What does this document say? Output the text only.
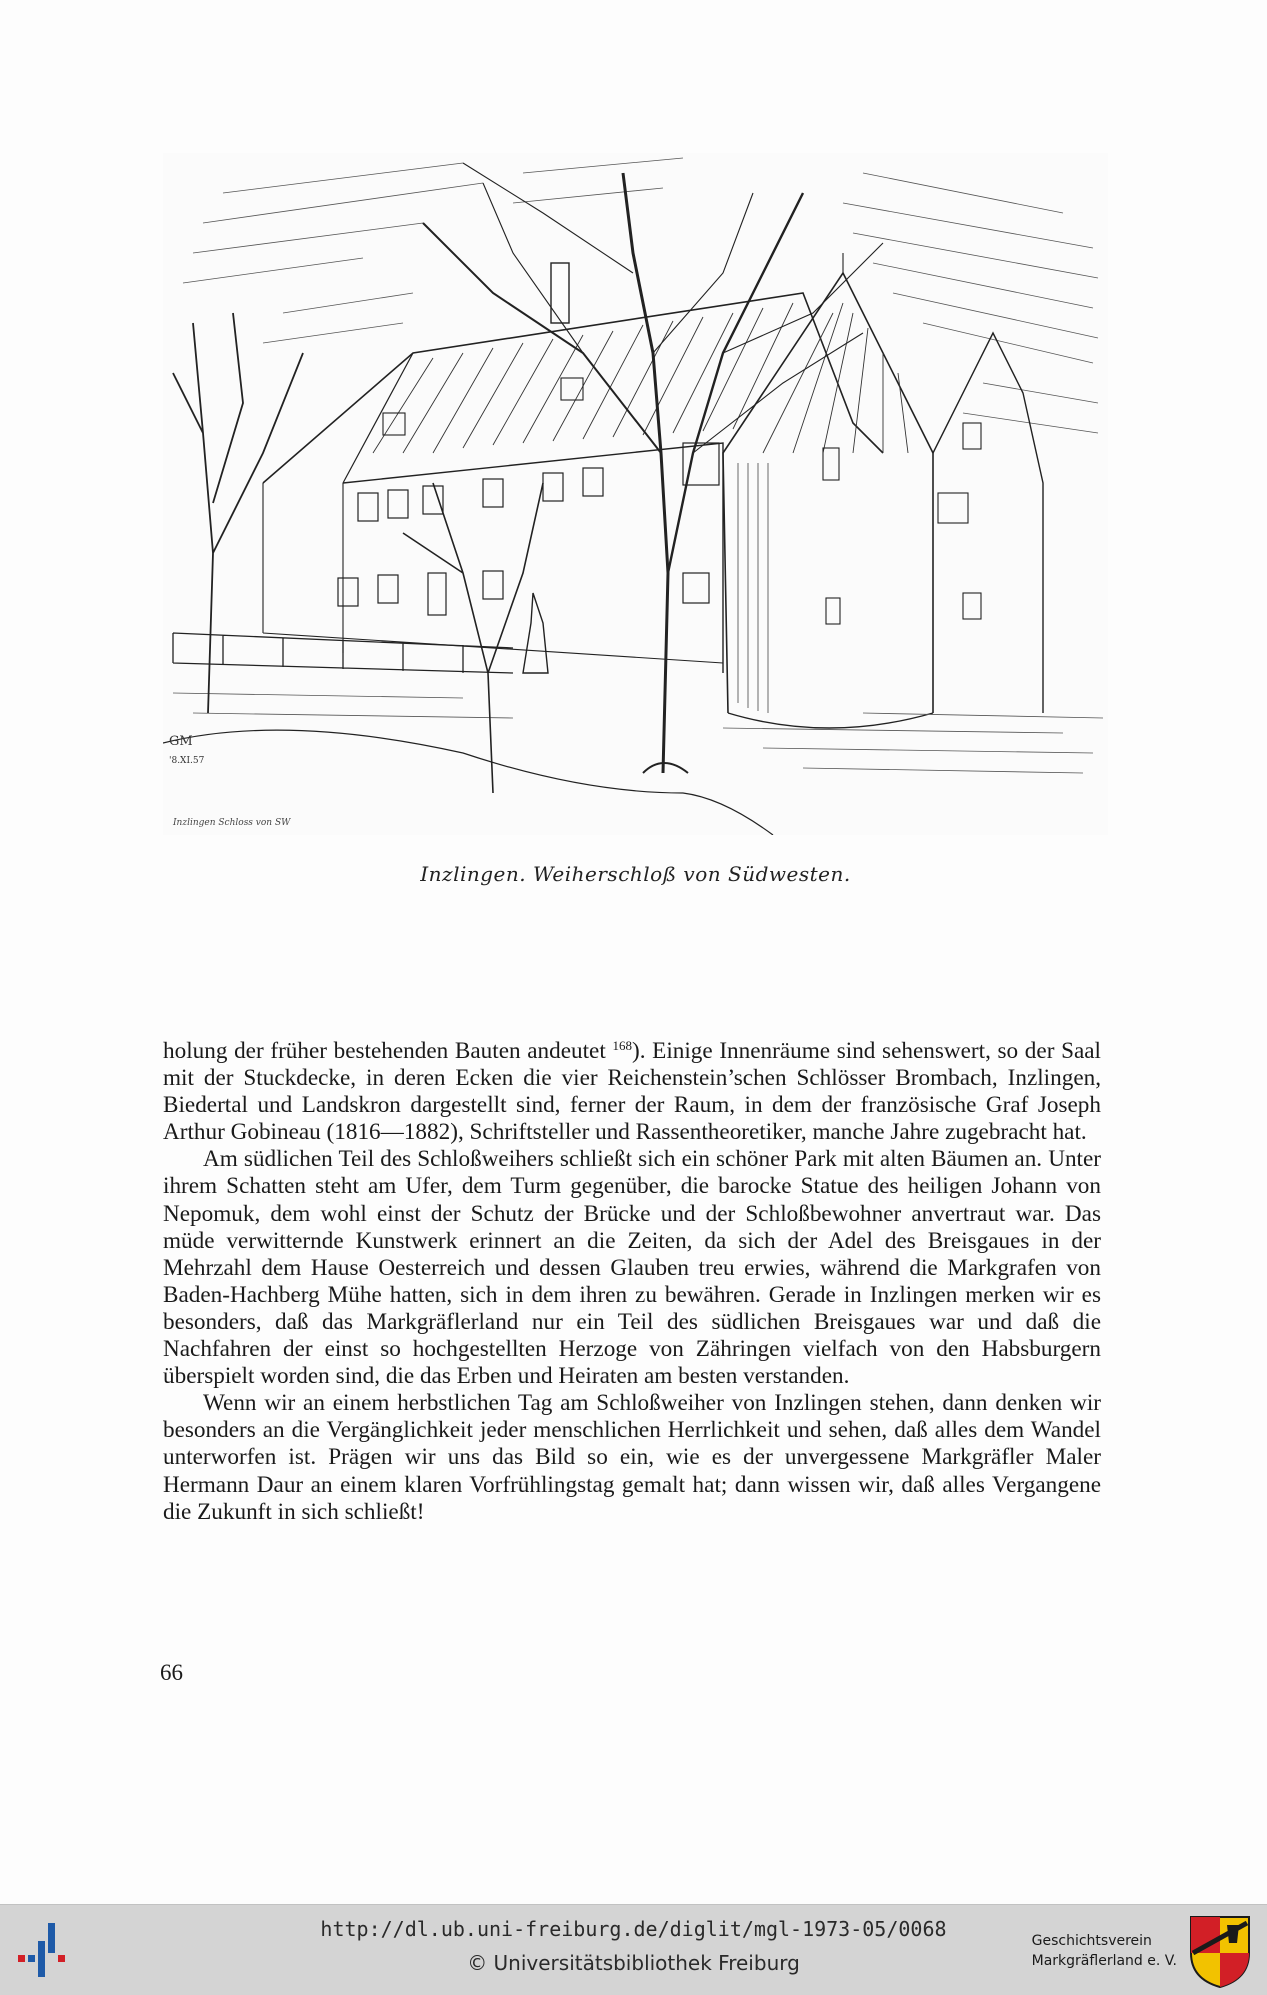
GM
'8.XI.57
Inzlingen Schloss von SW
Inzlingen. Weiherschloß von Südwesten.

holung der früher bestehenden Bauten andeutet $^{168}$). Einige Innenräume sind sehenswert, so der Saal mit der Stuckdecke, in deren Ecken die vier Reichenstein’schen Schlösser Brombach, Inzlingen, Biedertal und Landskron dargestellt sind, ferner der Raum, in dem der französische Graf Joseph Arthur Gobineau (1816—1882), Schriftsteller und Rassentheoretiker, manche Jahre zugebracht hat.

Am südlichen Teil des Schloßweihers schließt sich ein schöner Park mit alten Bäumen an. Unter ihrem Schatten steht am Ufer, dem Turm gegenüber, die barocke Statue des heiligen Johann von Nepomuk, dem wohl einst der Schutz der Brücke und der Schloßbewohner anvertraut war. Das müde verwitternde Kunstwerk erinnert an die Zeiten, da sich der Adel des Breisgaues in der Mehrzahl dem Hause Oesterreich und dessen Glauben treu erwies, während die Markgrafen von Baden-Hachberg Mühe hatten, sich in dem ihren zu bewähren. Gerade in Inzlingen merken wir es besonders, daß das Markgräflerland nur ein Teil des südlichen Breisgaues war und daß die Nachfahren der einst so hochgestellten Herzoge von Zähringen vielfach von den Habsburgern überspielt worden sind, die das Erben und Heiraten am besten verstanden.

Wenn wir an einem herbstlichen Tag am Schloßweiher von Inzlingen stehen, dann denken wir besonders an die Vergänglichkeit jeder menschlichen Herrlichkeit und sehen, daß alles dem Wandel unterworfen ist. Prägen wir uns das Bild so ein, wie es der unvergessene Markgräfler Maler Hermann Daur an einem klaren Vorfrühlingstag gemalt hat; dann wissen wir, daß alles Vergangene die Zukunft in sich schließt!

66
http://dl.ub.uni-freiburg.de/diglit/mgl-1973-05/0068
© Universitätsbibliothek Freiburg
Geschichtsverein
Markgräflerland e. V.
